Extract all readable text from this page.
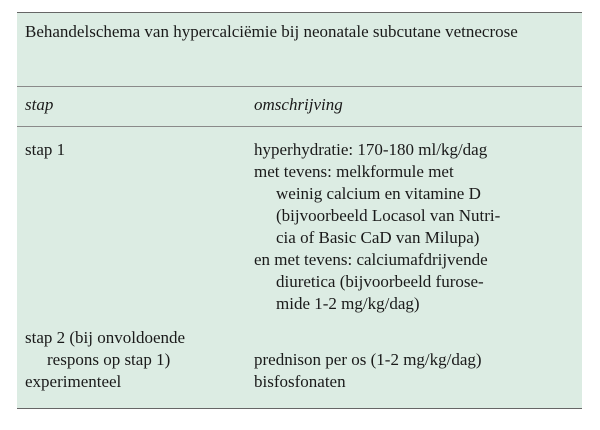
Behandelschema van hypercalciëmie bij neonatale subcutane vetnecrose
stap	omschrijving
stap 1	hyperhydratie: 170-180 ml/kg/dag
met tevens: melkformule met
weinig calcium en vitamine D
(bijvoorbeeld Locasol van Nutri-
cia of Basic CaD van Milupa)
en met tevens: calciumafdrijvende
diuretica (bijvoorbeeld furose-
mide 1-2 mg/kg/dag)
stap 2 (bij onvoldoende
respons op stap 1)	prednison per os (1-2 mg/kg/dag)
experimenteel	bisfosfonaten
